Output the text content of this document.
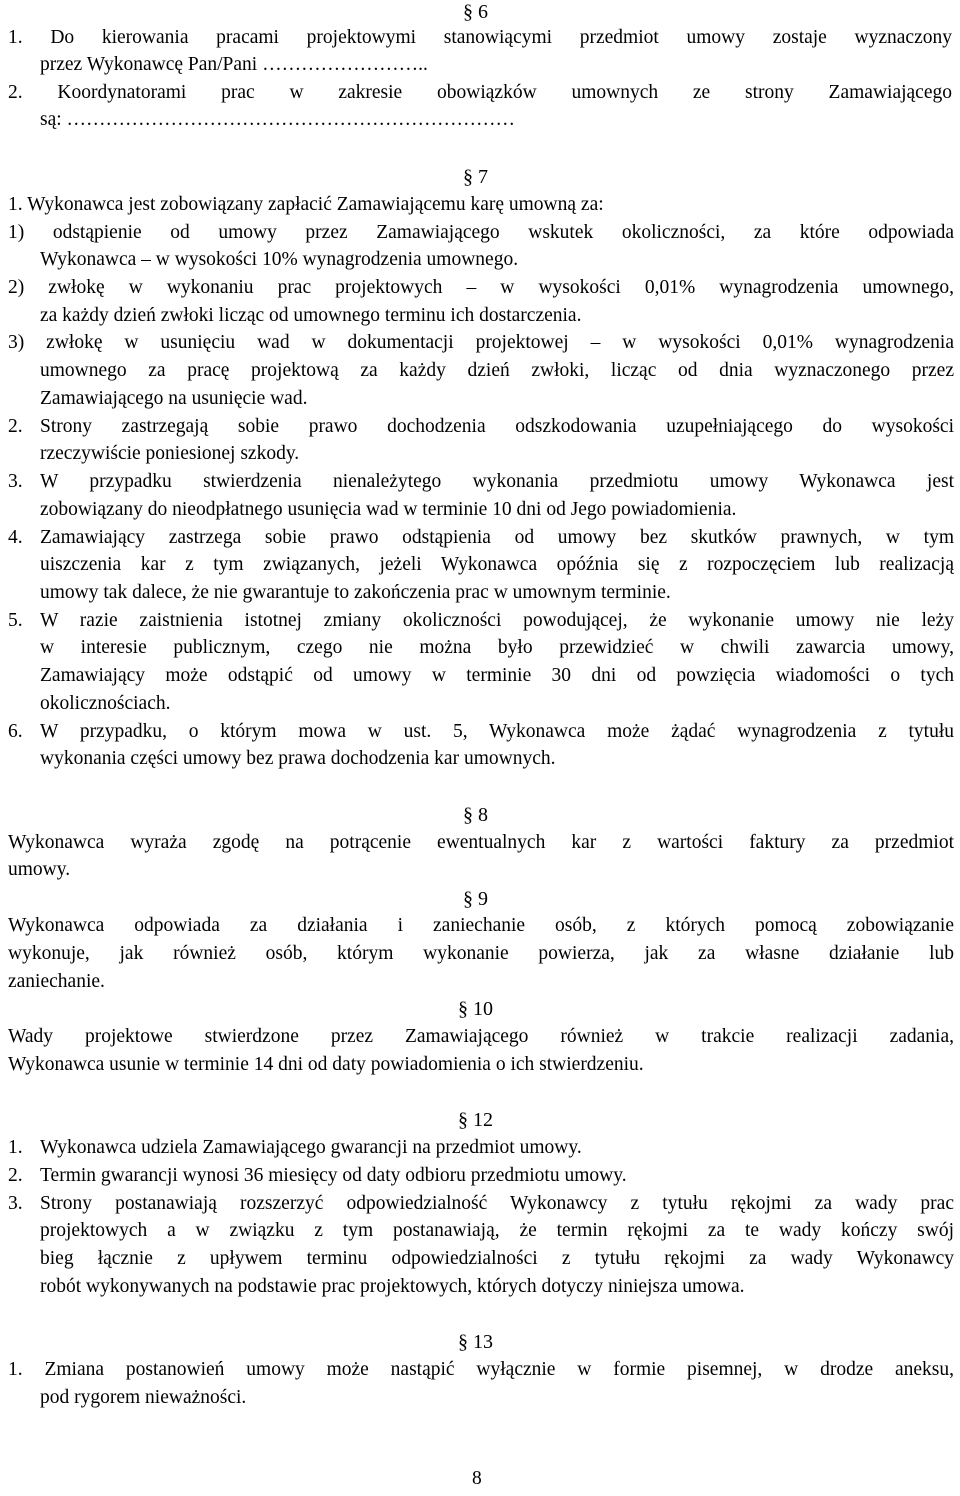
§ 6
1. Do kierowania pracami projektowymi stanowiącymi przedmiot umowy zostaje wyznaczony
przez Wykonawcę Pan/Pani ……………………..
2. Koordynatorami prac w zakresie obowiązków umownych ze strony Zamawiającego
są: ……………………………………………………………
§ 7
1. Wykonawca jest zobowiązany zapłacić Zamawiającemu karę umowną za:
1) odstąpienie od umowy przez Zamawiającego wskutek okoliczności, za które odpowiada
Wykonawca – w wysokości 10% wynagrodzenia umownego.
2) zwłokę w wykonaniu prac projektowych – w wysokości 0,01% wynagrodzenia umownego,
za każdy dzień zwłoki licząc od umownego terminu ich dostarczenia.
3) zwłokę w usunięciu wad w dokumentacji projektowej – w wysokości 0,01% wynagrodzenia
umownego za pracę projektową za każdy dzień zwłoki, licząc od dnia wyznaczonego przez
Zamawiającego na usunięcie wad.
2. Strony zastrzegają sobie prawo dochodzenia odszkodowania uzupełniającego do wysokości
rzeczywiście poniesionej szkody.
3. W przypadku stwierdzenia nienależytego wykonania przedmiotu umowy Wykonawca jest
zobowiązany do nieodpłatnego usunięcia wad w terminie 10 dni od Jego powiadomienia.
4. Zamawiający zastrzega sobie prawo odstąpienia od umowy bez skutków prawnych, w tym
uiszczenia kar z tym związanych, jeżeli Wykonawca opóźnia się z rozpoczęciem lub realizacją
umowy tak dalece, że nie gwarantuje to zakończenia prac w umownym terminie.
5. W razie zaistnienia istotnej zmiany okoliczności powodującej, że wykonanie umowy nie leży
w interesie publicznym, czego nie można było przewidzieć w chwili zawarcia umowy,
Zamawiający może odstąpić od umowy w terminie 30 dni od powzięcia wiadomości o tych
okolicznościach.
6. W przypadku, o którym mowa w ust. 5, Wykonawca może żądać wynagrodzenia z tytułu
wykonania części umowy bez prawa dochodzenia kar umownych.
§ 8
Wykonawca wyraża zgodę na potrącenie ewentualnych kar z wartości faktury za przedmiot
umowy.
§ 9
Wykonawca odpowiada za działania i zaniechanie osób, z których pomocą zobowiązanie
wykonuje, jak również osób, którym wykonanie powierza, jak za własne działanie lub
zaniechanie.
§ 10
Wady projektowe stwierdzone przez Zamawiającego również w trakcie realizacji zadania,
Wykonawca usunie w terminie 14 dni od daty powiadomienia o ich stwierdzeniu.
§ 12
1. Wykonawca udziela Zamawiającego gwarancji na przedmiot umowy.
2. Termin gwarancji wynosi 36 miesięcy od daty odbioru przedmiotu umowy.
3. Strony postanawiają rozszerzyć odpowiedzialność Wykonawcy z tytułu rękojmi za wady prac
projektowych a w związku z tym postanawiają, że termin rękojmi za te wady kończy swój
bieg łącznie z upływem terminu odpowiedzialności z tytułu rękojmi za wady Wykonawcy
robót wykonywanych na podstawie prac projektowych, których dotyczy niniejsza umowa.
§ 13
1. Zmiana postanowień umowy może nastąpić wyłącznie w formie pisemnej, w drodze aneksu,
pod rygorem nieważności.
8
